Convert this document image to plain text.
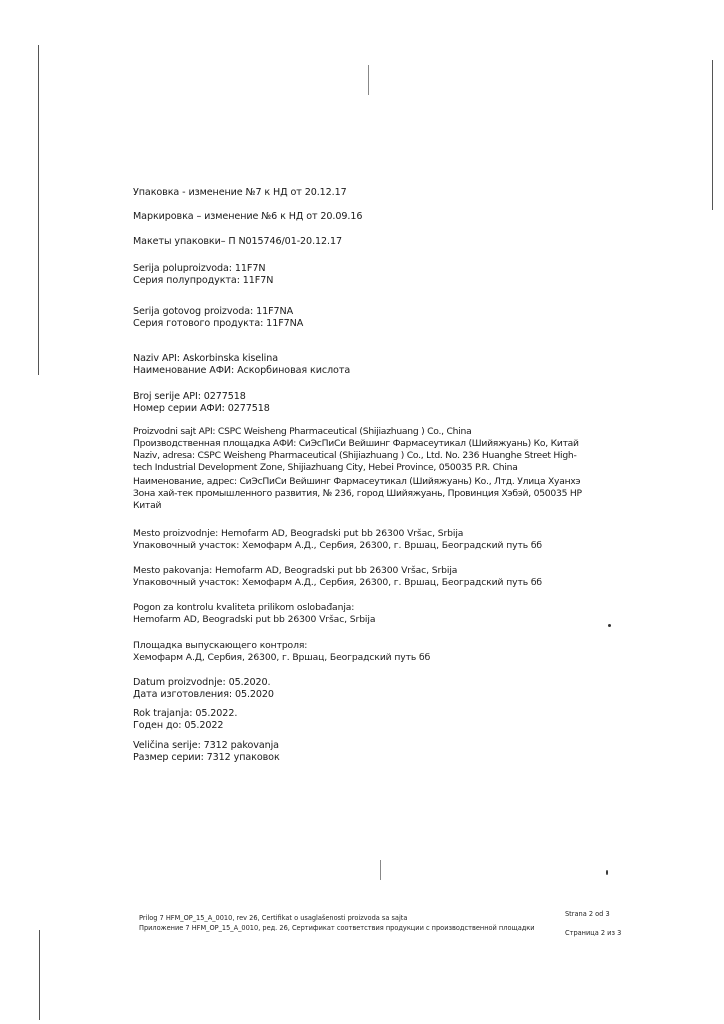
Упаковка - изменение №7 к НД от 20.12.17
Маркировка – изменение №6 к НД от 20.09.16
Макеты упаковки– П N015746/01-20.12.17
Serija poluproizvoda: 11F7N
Серия полупродукта: 11F7N
Serija gotovog proizvoda: 11F7NA
Серия готового продукта: 11F7NA
Naziv API: Askorbinska kiselina
Наименование АФИ: Аскорбиновая кислота
Broj serije API: 0277518
Номер серии АФИ: 0277518
Proizvodni sajt API: CSPC Weisheng Pharmaceutical (Shijiazhuang ) Co., China
Производственная площадка АФИ: СиЭсПиСи Вейшинг Фармасеутикал (Шийяжуань) Ко, Китай
Naziv, adresa: CSPC Weisheng Pharmaceutical (Shijiazhuang ) Co., Ltd. No. 236 Huanghe Street High-
tech Industrial Development Zone, Shijiazhuang City, Hebei Province, 050035 P.R. China
Наименование, адрес: СиЭсПиСи Вейшинг Фармасеутикал (Шийяжуань) Ко., Лтд. Улица Хуанхэ
Зона хай-тек промышленного развития, № 236, город Шийяжуань, Провинция Хэбэй, 050035 НР
Китай
Mesto proizvodnje: Hemofarm AD, Beogradski put bb 26300 Vršac, Srbija
Упаковочный участок: Хемофарм А.Д., Сербия, 26300, г. Вршац, Београдский путь бб
Mesto pakovanja: Hemofarm AD, Beogradski put bb 26300 Vršac, Srbija
Упаковочный участок: Хемофарм А.Д., Сербия, 26300, г. Вршац, Београдский путь бб
Pogon za kontrolu kvaliteta prilikom oslobađanja:
Hemofarm AD, Beogradski put bb 26300 Vršac, Srbija
Площадка выпускающего контроля:
Хемофарм А.Д, Сербия, 26300, г. Вршац, Београдский путь бб
Datum proizvodnje: 05.2020.
Дата изготовления: 05.2020
Rok trajanja: 05.2022.
Годен до: 05.2022
Veličina serije: 7312 pakovanja
Размер серии: 7312 упаковок
Prilog 7 HFM_OP_15_A_0010, rev 26, Certifikat o usaglašenosti proizvoda sa sajta
Приложение 7 HFM_OP_15_A_0010, ред. 26, Сертификат соответствия продукции с производственной площадки
Strana 2 od 3
Страница 2 из 3
